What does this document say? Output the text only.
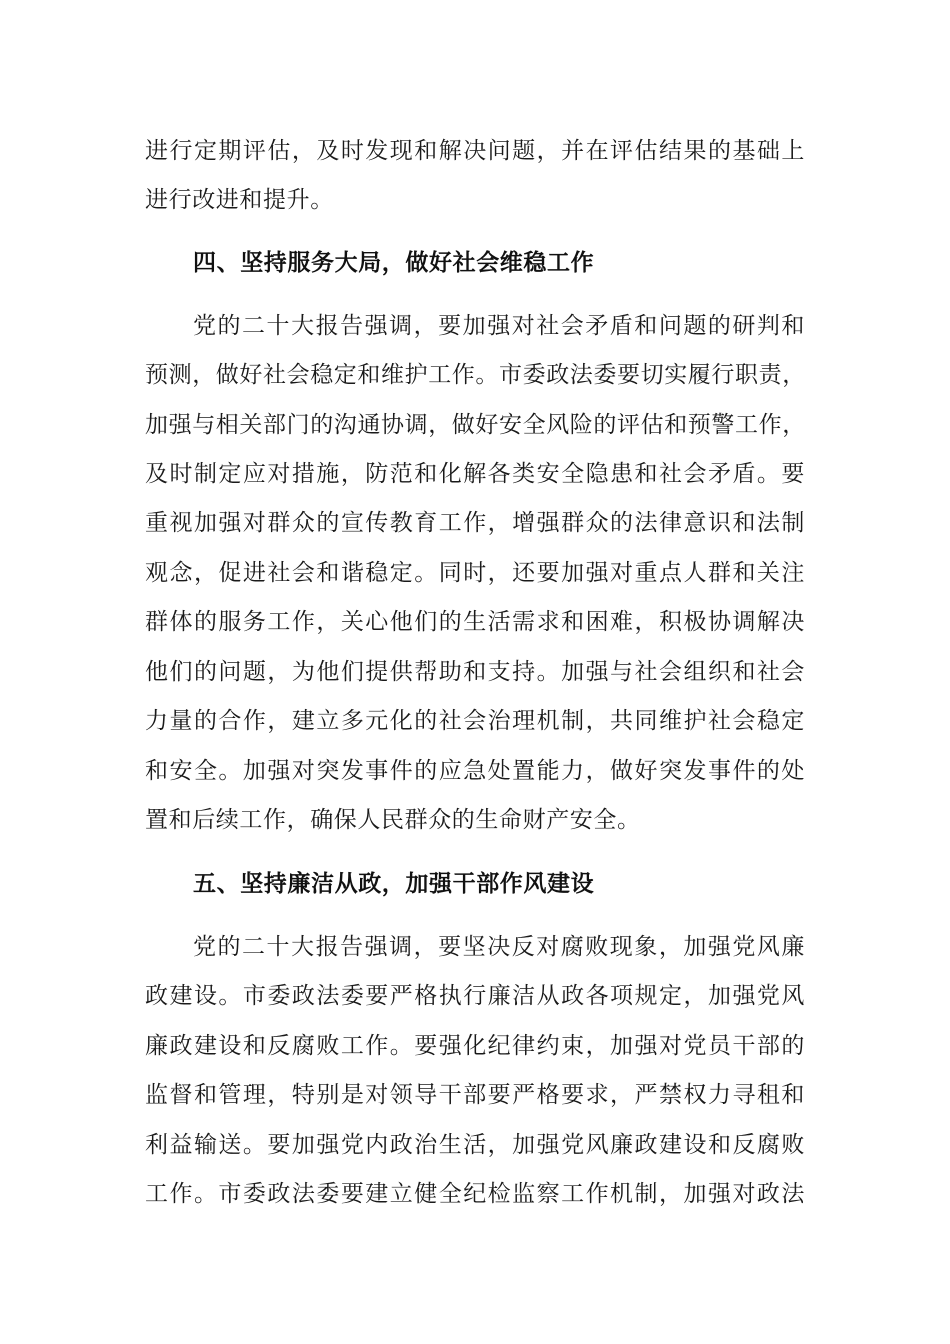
进行定期评估，及时发现和解决问题，并在评估结果的基础上
进行改进和提升。
四、坚持服务大局，做好社会维稳工作
党的二十大报告强调，要加强对社会矛盾和问题的研判和
预测，做好社会稳定和维护工作。市委政法委要切实履行职责，
加强与相关部门的沟通协调，做好安全风险的评估和预警工作，
及时制定应对措施，防范和化解各类安全隐患和社会矛盾。要
重视加强对群众的宣传教育工作，增强群众的法律意识和法制
观念，促进社会和谐稳定。同时，还要加强对重点人群和关注
群体的服务工作，关心他们的生活需求和困难，积极协调解决
他们的问题，为他们提供帮助和支持。加强与社会组织和社会
力量的合作，建立多元化的社会治理机制，共同维护社会稳定
和安全。加强对突发事件的应急处置能力，做好突发事件的处
置和后续工作，确保人民群众的生命财产安全。
五、坚持廉洁从政，加强干部作风建设
党的二十大报告强调，要坚决反对腐败现象，加强党风廉
政建设。市委政法委要严格执行廉洁从政各项规定，加强党风
廉政建设和反腐败工作。要强化纪律约束，加强对党员干部的
监督和管理，特别是对领导干部要严格要求，严禁权力寻租和
利益输送。要加强党内政治生活，加强党风廉政建设和反腐败
工作。市委政法委要建立健全纪检监察工作机制，加强对政法
